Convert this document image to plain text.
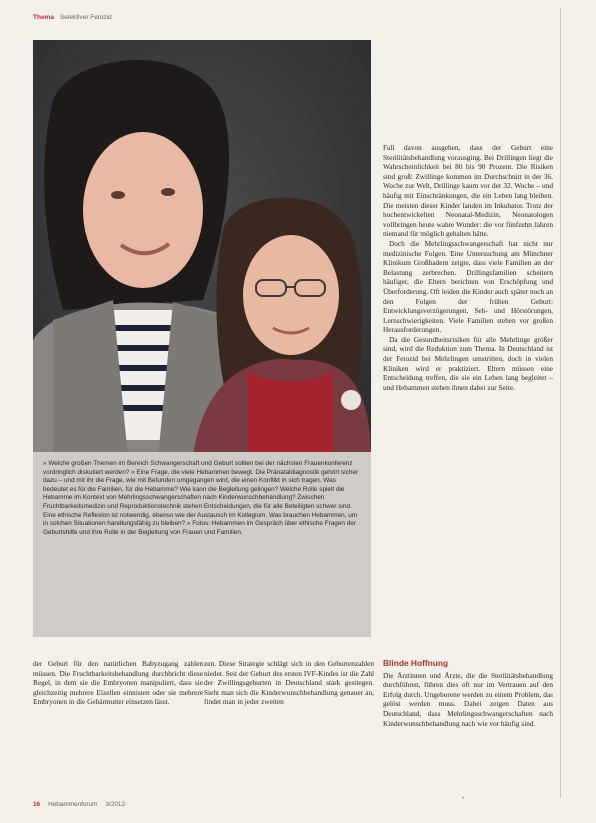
Thema Selektiver Fetozid

» Welche großen Themen im Bereich Schwangerschaft und Geburt sollten bei der nächsten Frauenkonferenz vordringlich diskutiert werden? « Eine Frage, die viele Hebammen bewegt. Die Pränataldiagnostik gehört sicher dazu – und mit ihr die Frage, wie mit Befunden umgegangen wird, die einen Konflikt in sich tragen. Was bedeutet es für die Familien, für die Hebamme? Wie kann die Begleitung gelingen? Welche Rolle spielt die Hebamme im Kontext von Mehrlingsschwangerschaften nach Kinderwunschbehandlung? Zwischen Fruchtbarkeitsmedizin und Reproduktionstechnik stehen Entscheidungen, die für alle Beteiligten schwer sind. Eine ethische Reflexion ist notwendig, ebenso wie der Austausch im Kollegium. Was brauchen Hebammen, um in solchen Situationen handlungsfähig zu bleiben? » Fotos: Hebammen im Gespräch über ethische Fragen der Geburtshilfe und ihre Rolle in der Begleitung von Frauen und Familien.

Fall davon ausgehen, dass der Geburt eine Sterilitätsbehandlung vorausging. Bei Drillingen liegt die Wahrscheinlichkeit bei 80 bis 90 Prozent. Die Risiken sind groß: Zwillinge kommen im Durchschnitt in der 36. Woche zur Welt, Drillinge kaum vor der 32. Woche – und häufig mit Einschränkungen, die ein Leben lang bleiben. Die meisten dieser Kinder landen im Inkubator. Trotz der hochentwickelten Neonatal-Medizin, Neonatologen vollbringen heute wahre Wunder: die vor fünfzehn Jahren niemand für möglich gehalten hätte.

Doch die Mehrlingsschwangerschaft hat nicht nur medizinische Folgen. Eine Untersuchung am Münchner Klinikum Großhadern zeigte, dass viele Familien an der Belastung zerbrechen. Drillingsfamilien scheitern häufiger, die Eltern berichten von Erschöpfung und Überforderung. Oft leiden die Kinder auch später noch an den Folgen der frühen Geburt: Entwicklungsverzögerungen, Seh- und Hörstörungen, Lernschwierigkeiten. Viele Familien stehen vor großen Herausforderungen.

Da die Gesundheitsrisiken für alle Mehrlinge größer sind, wird die Reduktion zum Thema. In Deutschland ist der Fetozid bei Mehrlingen umstritten, doch in vielen Kliniken wird er praktiziert. Eltern müssen eine Entscheidung treffen, die sie ein Leben lang begleitet – und Hebammen stehen ihnen dabei zur Seite.

Blinde Hoffnung

Die Ärztinnen und Ärzte, die die Sterilitätsbehandlung durchführen, führen dies oft nur im Vertrauen auf den Erfolg durch. Ungeborene werden zu einem Problem, das gelöst werden muss. Dabei zeigen Daten aus Deutschland, dass Mehrlingsschwangerschaften nach Kinderwunschbehandlung nach wie vor häufig sind.

der Geburt für den natürlichen Babyzugang zahlen müssen. Die Fruchtbarkeitsbehandlung durchbricht diese Regel, in dem sie die Embryonen manipuliert, dass sie gleichzeitig mehrere Eizellen einnisten oder sie mehrere Embryonen in die Gebärmutter einsetzen lässt.

zen. Diese Strategie schlägt sich in den Geburtenzahlen nieder. Seit der Geburt des ersten IVF-Kindes ist die Zahl der Zwillingsgeburten in Deutschland stark gestiegen. Sieht man sich die Kinderwunschbehandlung genauer an, findet man in jeder zweiten

16 Hebammenforum 3/2012
•
